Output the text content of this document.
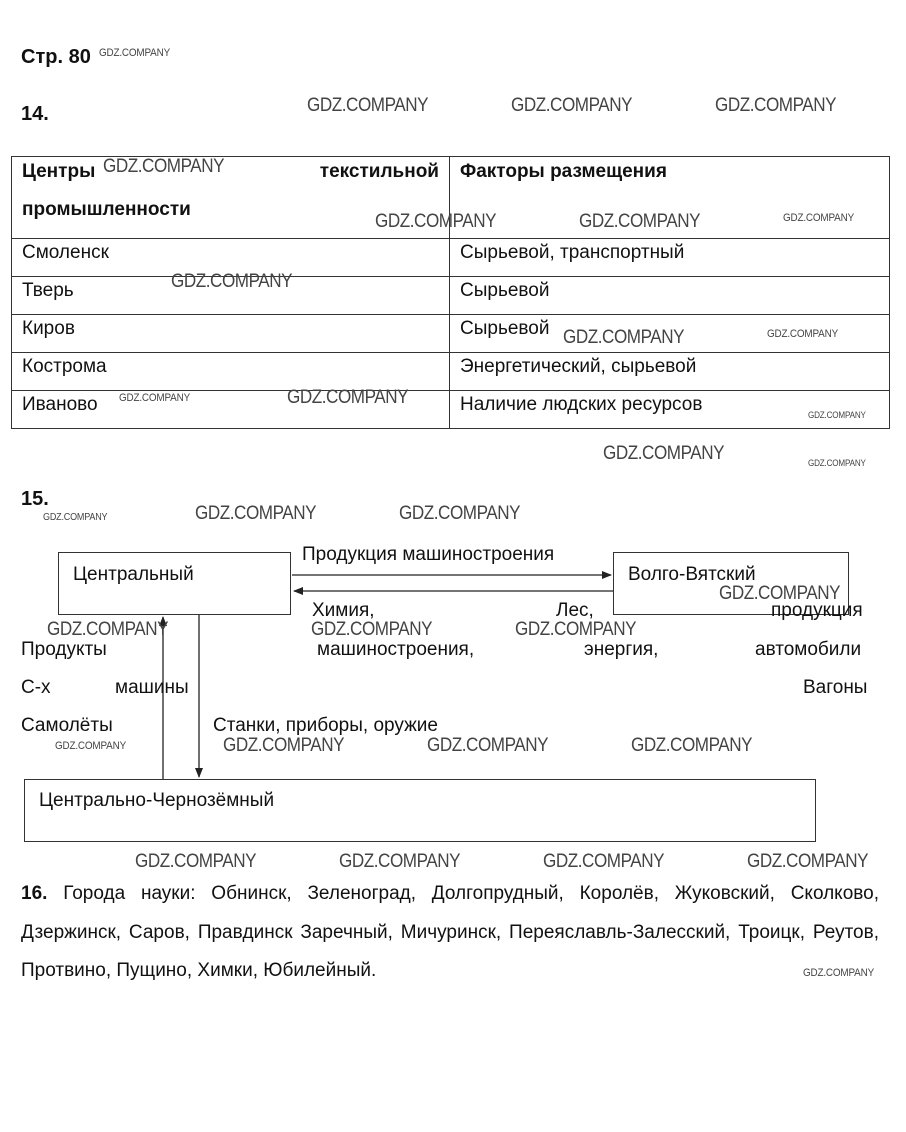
Стр. 80
14.
Центры текстильной
промышленности	Факторы размещения

Смоленск	Сырьевой, транспортный
Тверь	Сырьевой
Киров	Сырьевой
Кострома	Энергетический, сырьевой
Иваново	Наличие людских ресурсов
15.
Центральный	Волго-Вятский
Центрально-Чернозёмный
Продукция машиностроения
Химия,
машиностроения,
Лес,
энергия,
продукция
автомобили
Вагоны
Продукты
С-х	машины
Самолёты	Станки, приборы, оружие
16. Города науки: Обнинск, Зеленоград, Долгопрудный, Королёв, Жуковский, Сколково, Дзержинск, Саров, Правдинск Заречный, Мичуринск, Переяславль-Залесский, Троицк, Реутов, Протвино, Пущино, Химки, Юбилейный.
GDZ.COMPANY
GDZ.COMPANY	GDZ.COMPANY	GDZ.COMPANY
GDZ.COMPANY
GDZ.COMPANY	GDZ.COMPANY	GDZ.COMPANY
GDZ.COMPANY
GDZ.COMPANY	GDZ.COMPANY
GDZ.COMPANY	GDZ.COMPANY
GDZ.COMPANY
GDZ.COMPANY	GDZ.COMPANY
GDZ.COMPANY	GDZ.COMPANY	GDZ.COMPANY
GDZ.COMPANY
GDZ.COMPANY	GDZ.COMPANY	GDZ.COMPANY
GDZ.COMPANY	GDZ.COMPANY	GDZ.COMPANY	GDZ.COMPANY
GDZ.COMPANY	GDZ.COMPANY	GDZ.COMPANY	GDZ.COMPANY
GDZ.COMPANY
